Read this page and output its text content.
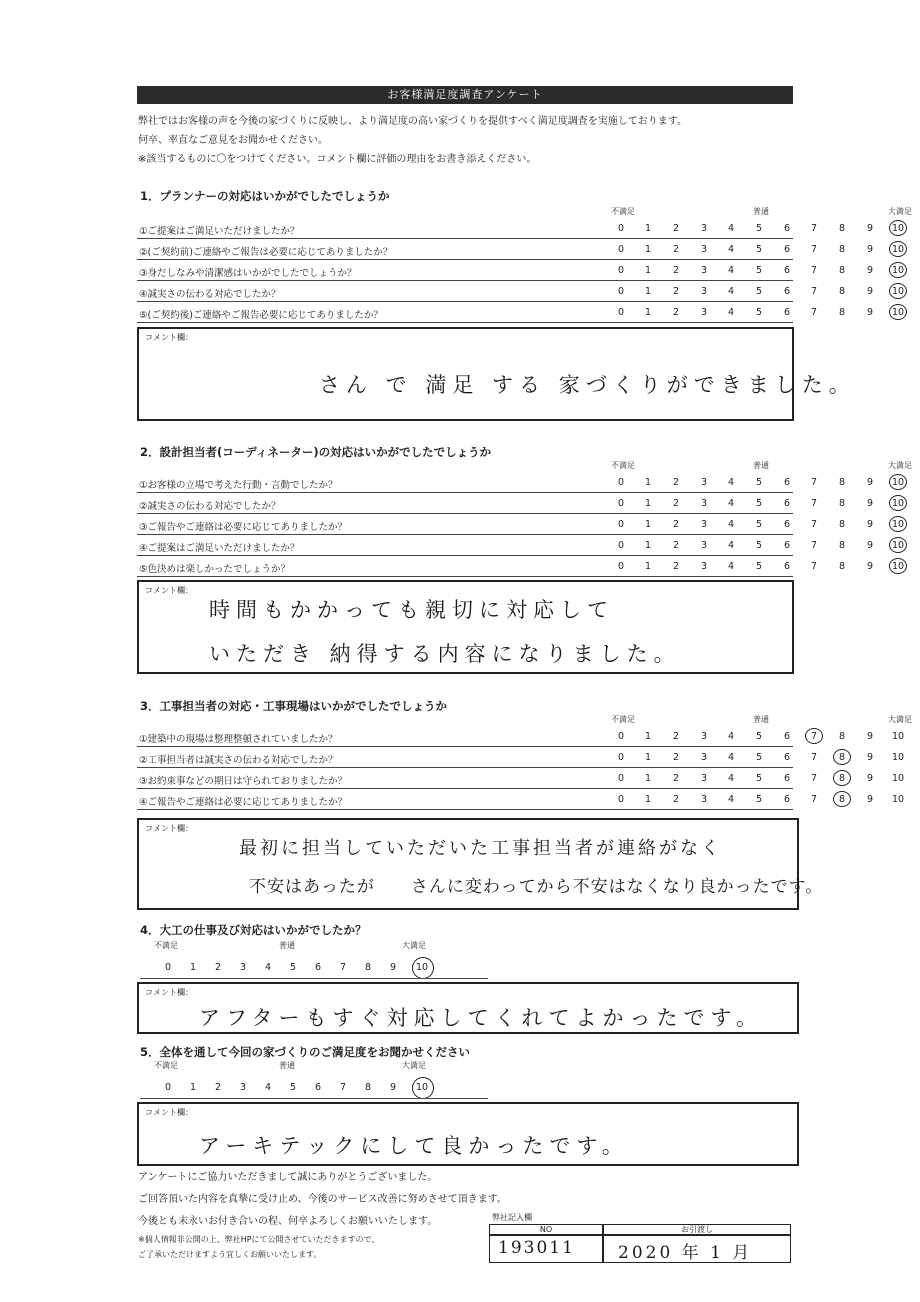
お客様満足度調査アンケート
弊社ではお客様の声を今後の家づくりに反映し、より満足度の高い家づくりを提供すべく満足度調査を実施しております。
何卒、率直なご意見をお聞かせください。
※該当するものに〇をつけてください。コメント欄に評価の理由をお書き添えください。
1．プランナーの対応はいかがでしたでしょうか
不満足	普通	大満足
①ご提案はご満足いただけましたか？	0	1	2	3	4	5	6	7	8	9	10
②(ご契約前)ご連絡やご報告は必要に応じてありましたか？	0	1	2	3	4	5	6	7	8	9	10
③身だしなみや清潔感はいかがでしたでしょうか？	0	1	2	3	4	5	6	7	8	9	10
④誠実さの伝わる対応でしたか？	0	1	2	3	4	5	6	7	8	9	10
⑤(ご契約後)ご連絡やご報告必要に応じてありましたか？	0	1	2	3	4	5	6	7	8	9	10
コメント欄：
さん で 満足 する 家づくりができました。
2．設計担当者(コーディネーター)の対応はいかがでしたでしょうか
不満足	普通	大満足
①お客様の立場で考えた行動・言動でしたか？	0	1	2	3	4	5	6	7	8	9	10
②誠実さの伝わる対応でしたか？	0	1	2	3	4	5	6	7	8	9	10
③ご報告やご連絡は必要に応じてありましたか？	0	1	2	3	4	5	6	7	8	9	10
④ご提案はご満足いただけましたか？	0	1	2	3	4	5	6	7	8	9	10
⑤色決めは楽しかったでしょうか？	0	1	2	3	4	5	6	7	8	9	10
コメント欄：
時間もかかっても親切に対応して
いただき 納得する内容になりました。
3．工事担当者の対応・工事現場はいかがでしたでしょうか
不満足	普通	大満足
①建築中の現場は整理整頓されていましたか？	0	1	2	3	4	5	6	7	8	9	10
②工事担当者は誠実さの伝わる対応でしたか？	0	1	2	3	4	5	6	7	8	9	10
③お約束事などの期日は守られておりましたか？	0	1	2	3	4	5	6	7	8	9	10
④ご報告やご連絡は必要に応じてありましたか？	0	1	2	3	4	5	6	7	8	9	10
コメント欄：
最初に担当していただいた工事担当者が連絡がなく
不安はあったが　　さんに変わってから不安はなくなり良かったです。
4．大工の仕事及び対応はいかがでしたか？
不満足	普通	大満足
0	1	2	3	4	5	6	7	8	9	10
コメント欄：
アフターもすぐ対応してくれてよかったです。
5．全体を通して今回の家づくりのご満足度をお聞かせください
不満足	普通	大満足
0	1	2	3	4	5	6	7	8	9	10
コメント欄：
アーキテックにして良かったです。
アンケートにご協力いただきまして誠にありがとうございました。
ご回答頂いた内容を真摯に受け止め、今後のサービス改善に努めさせて頂きます。
今後とも末永いお付き合いの程、何卒よろしくお願いいたします。
※個人情報非公開の上、弊社HPにて公開させていただきますので、
ご了承いただけますよう宜しくお願いいたします。
弊社記入欄
NO	お引渡し
193011	2020 年 1 月
